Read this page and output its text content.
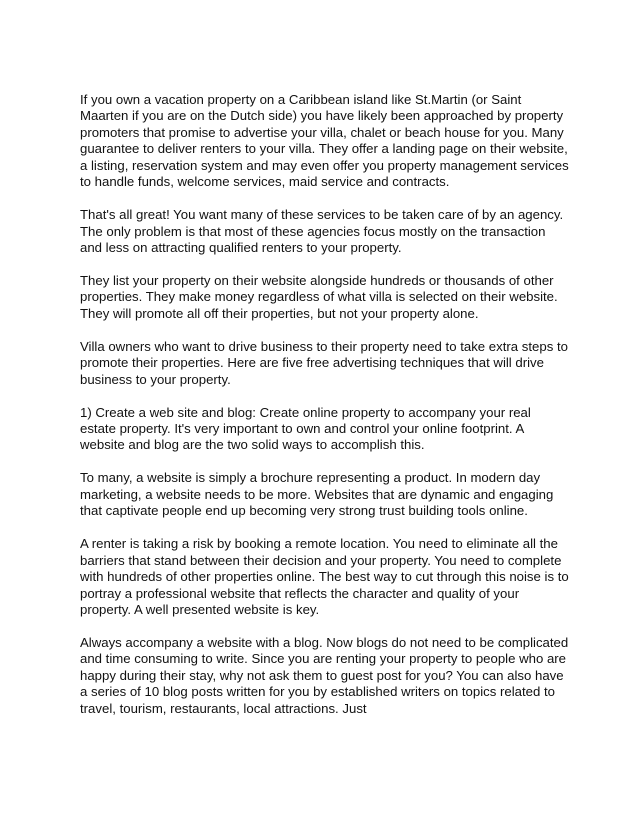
If you own a vacation property on a Caribbean island like St.Martin (or Saint Maarten if you are on the Dutch side) you have likely been approached by property promoters that promise to advertise your villa, chalet or beach house for you. Many guarantee to deliver renters to your villa. They offer a landing page on their website, a listing, reservation system and may even offer you property management services to handle funds, welcome services, maid service and contracts.

That's all great! You want many of these services to be taken care of by an agency. The only problem is that most of these agencies focus mostly on the transaction and less on attracting qualified renters to your property.

They list your property on their website alongside hundreds or thousands of other properties. They make money regardless of what villa is selected on their website. They will promote all off their properties, but not your property alone.

Villa owners who want to drive business to their property need to take extra steps to promote their properties. Here are five free advertising techniques that will drive business to your property.

1) Create a web site and blog: Create online property to accompany your real estate property. It's very important to own and control your online footprint. A website and blog are the two solid ways to accomplish this.

To many, a website is simply a brochure representing a product. In modern day marketing, a website needs to be more. Websites that are dynamic and engaging that captivate people end up becoming very strong trust building tools online.

A renter is taking a risk by booking a remote location. You need to eliminate all the barriers that stand between their decision and your property. You need to complete with hundreds of other properties online. The best way to cut through this noise is to portray a professional website that reflects the character and quality of your property. A well presented website is key.

Always accompany a website with a blog. Now blogs do not need to be complicated and time consuming to write. Since you are renting your property to people who are happy during their stay, why not ask them to guest post for you? You can also have a series of 10 blog posts written for you by established writers on topics related to travel, tourism, restaurants, local attractions. Just
